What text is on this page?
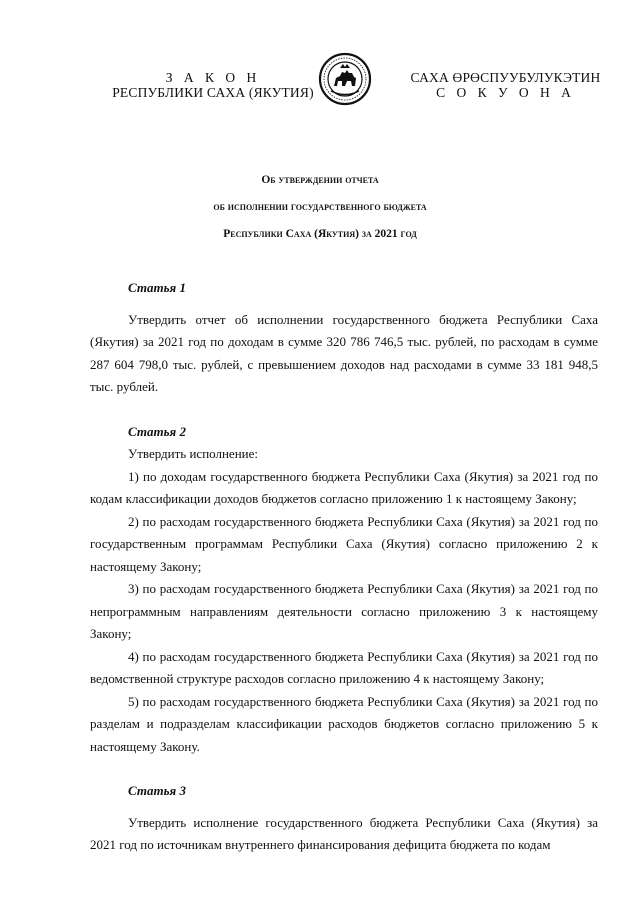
З А К О Н
РЕСПУБЛИКИ САХА (ЯКУТИЯ)
САХА ӨРӨСПУУБУЛУКЭТИН
С О К У О Н А
Об утверждении отчета
об исполнении государственного бюджета
Республики Саха (Якутия) за 2021 год
Статья 1

Утвердить отчет об исполнении государственного бюджета Республики Саха (Якутия) за 2021 год по доходам в сумме 320 786 746,5 тыс. рублей, по расходам в сумме 287 604 798,0 тыс. рублей, с превышением доходов над расходами в сумме 33 181 948,5 тыс. рублей.

Статья 2

Утвердить исполнение:

1) по доходам государственного бюджета Республики Саха (Якутия) за 2021 год по кодам классификации доходов бюджетов согласно приложению 1 к настоящему Закону;

2) по расходам государственного бюджета Республики Саха (Якутия) за 2021 год по государственным программам Республики Саха (Якутия) согласно приложению 2 к настоящему Закону;

3) по расходам государственного бюджета Республики Саха (Якутия) за 2021 год по непрограммным направлениям деятельности согласно приложению 3 к настоящему Закону;

4) по расходам государственного бюджета Республики Саха (Якутия) за 2021 год по ведомственной структуре расходов согласно приложению 4 к настоящему Закону;

5) по расходам государственного бюджета Республики Саха (Якутия) за 2021 год по разделам и подразделам классификации расходов бюджетов согласно приложению 5 к настоящему Закону.

Статья 3

Утвердить исполнение государственного бюджета Республики Саха (Якутия) за 2021 год по источникам внутреннего финансирования дефицита бюджета по кодам
